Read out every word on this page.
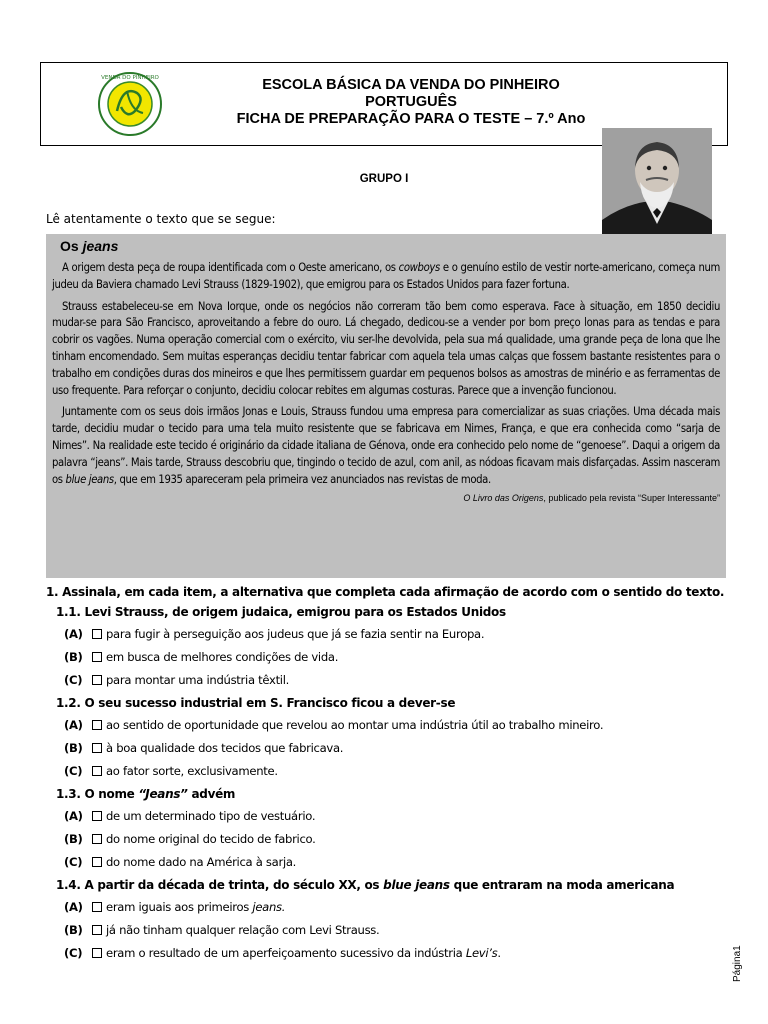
VENDA DO PINHEIRO	ESCOLA BÁSICA DA VENDA DO PINHEIRO
PORTUGUÊS
FICHA DE PREPARAÇÃO PARA O TESTE – 7.º Ano
GRUPO I
Lê atentamente o texto que se segue:
Os jeans

A origem desta peça de roupa identificada com o Oeste americano, os cowboys e o genuíno estilo de vestir norte-americano, começa num judeu da Baviera chamado Levi Strauss (1829-1902), que emigrou para os Estados Unidos para fazer fortuna.

Strauss estabeleceu-se em Nova Iorque, onde os negócios não correram tão bem como esperava. Face à situação, em 1850 decidiu mudar-se para São Francisco, aproveitando a febre do ouro. Lá chegado, dedicou-se a vender por bom preço lonas para as tendas e para cobrir os vagões. Numa operação comercial com o exército, viu ser-lhe devolvida, pela sua má qualidade, uma grande peça de lona que lhe tinham encomendado. Sem muitas esperanças decidiu tentar fabricar com aquela tela umas calças que fossem bastante resistentes para o trabalho em condições duras dos mineiros e que lhes permitissem guardar em pequenos bolsos as amostras de minério e as ferramentas de uso frequente. Para reforçar o conjunto, decidiu colocar rebites em algumas costuras. Parece que a invenção funcionou.

Juntamente com os seus dois irmãos Jonas e Louis, Strauss fundou uma empresa para comercializar as suas criações. Uma década mais tarde, decidiu mudar o tecido para uma tela muito resistente que se fabricava em Nimes, França, e que era conhecida como “sarja de Nimes”. Na realidade este tecido é originário da cidade italiana de Génova, onde era conhecido pelo nome de “genoese”. Daqui a origem da palavra “jeans”. Mais tarde, Strauss descobriu que, tingindo o tecido de azul, com anil, as nódoas ficavam mais disfarçadas. Assim nasceram os blue jeans, que em 1935 apareceram pela primeira vez anunciados nas revistas de moda.

O Livro das Origens, publicado pela revista “Super Interessante”
1. Assinala, em cada item, a alternativa que completa cada afirmação de acordo com o sentido do texto.
1.1. Levi Strauss, de origem judaica, emigrou para os Estados Unidos
(A) para fugir à perseguição aos judeus que já se fazia sentir na Europa.
(B) em busca de melhores condições de vida.
(C) para montar uma indústria têxtil.
1.2. O seu sucesso industrial em S. Francisco ficou a dever-se
(A) ao sentido de oportunidade que revelou ao montar uma indústria útil ao trabalho mineiro.
(B) à boa qualidade dos tecidos que fabricava.
(C) ao fator sorte, exclusivamente.
1.3. O nome “Jeans” advém
(A) de um determinado tipo de vestuário.
(B) do nome original do tecido de fabrico.
(C) do nome dado na América à sarja.
1.4. A partir da década de trinta, do século XX, os blue jeans que entraram na moda americana
(A) eram iguais aos primeiros jeans.
(B) já não tinham qualquer relação com Levi Strauss.
(C) eram o resultado de um aperfeiçoamento sucessivo da indústria Levi’s.	Página1
